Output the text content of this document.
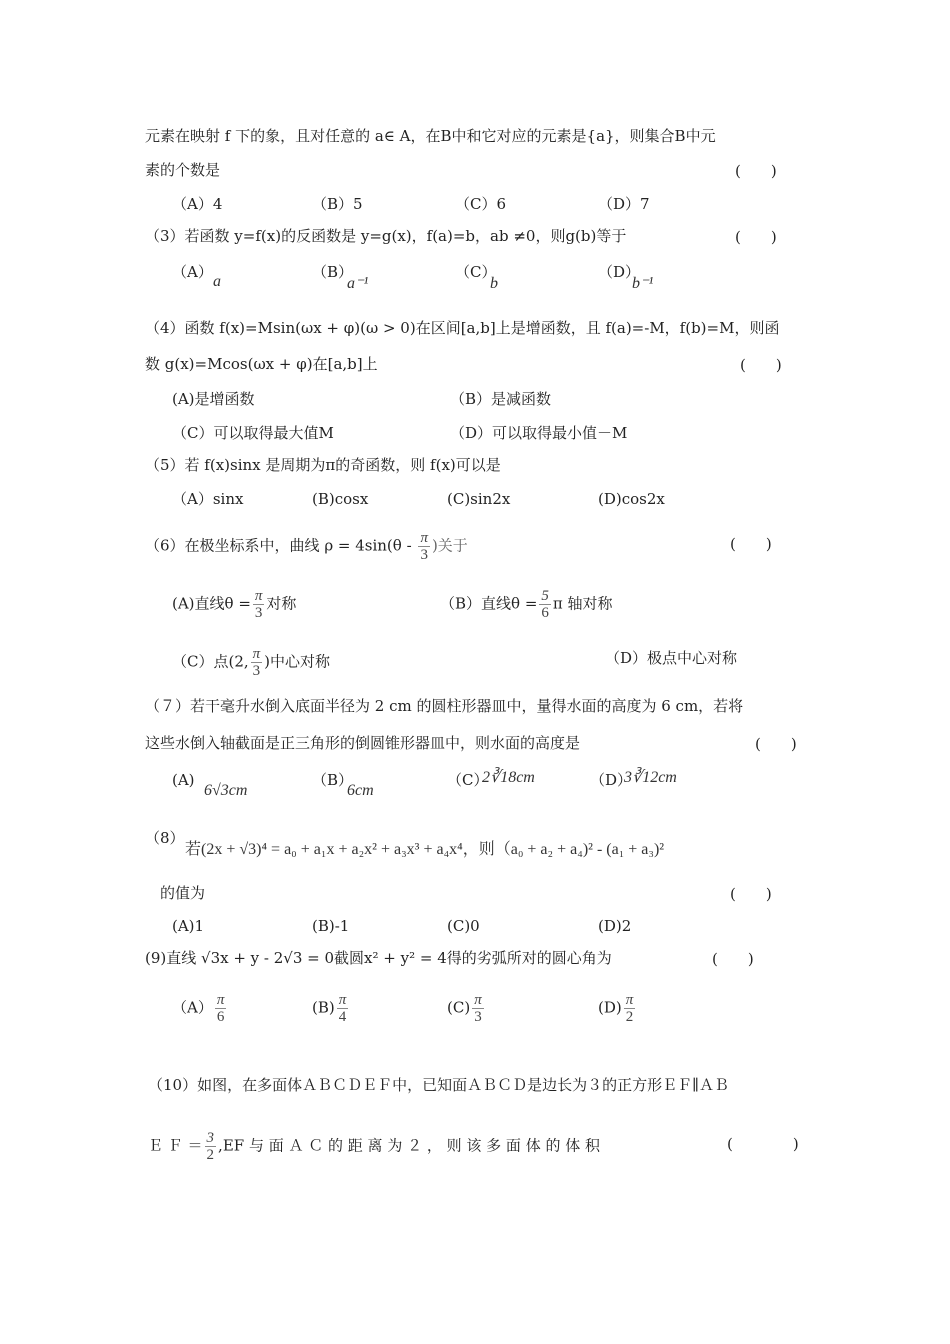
元素在映射 f 下的象，且对任意的 a∈ A，在B中和它对应的元素是{a}，则集合B中元
素的个数是	(　　)
（A）4	（B）5	（C）6	（D）7
（3）若函数 y=f(x)的反函数是 y=g(x)，f(a)=b，ab ≠0，则g(b)等于	(　　)
（A）
a
（B）
a⁻¹
（C）
b
（D）
b⁻¹
（4）函数 f(x)=Msin(ωx + φ)(ω > 0)在区间[a,b]上是增函数，且 f(a)=-M，f(b)=M，则函
数 g(x)=Mcos(ωx + φ)在[a,b]上	(　　)
(A)是增函数	（B）是减函数
（C）可以取得最大值M	（D）可以取得最小值－M
（5）若 f(x)sinx 是周期为π的奇函数，则 f(x)可以是
（A）sinx	(B)cosx	(C)sin2x	(D)cos2x
（6）在极坐标系中，曲线 $\rho = 4\sin(\theta - \frac{\pi}{3}$ )关于	(　　)
(A)直线$\theta = \frac{\pi}{3}$ 对称	（B）直线$\theta = \frac{5}{6}$ π 轴对称
（C）点(2, $\frac{\pi}{3}$ )中心对称	（D）极点中心对称
（７）若干毫升水倒入底面半径为 2 cm 的圆柱形器皿中，量得水面的高度为 6 cm，若将
这些水倒入轴截面是正三角形的倒圆锥形器皿中，则水面的高度是	(　　)
(A)
6√3cm
（B）
6cm
（C）
2∛18cm	（D）
3∛12cm
（8）
若(2x + √3)⁴ = a₀ + a₁x + a₂x² + a₃x³ + a₄x⁴，则（a₀ + a₂ + a₄)² - (a₁ + a₃)²
的值为	(　　)
(A)1	(B)-1	(C)0	(D)2
(9)直线 √3x + y - 2√3 = 0截圆x² + y² = 4得的劣弧所对的圆心角为	(　　)
$(A) \frac{\pi}{6}$	$(B) \frac{\pi}{4}$	$(C) \frac{\pi}{3}$	$(D) \frac{\pi}{2}$
（10）如图，在多面体ＡＢＣＤＥＦ中，已知面ＡＢＣＤ是边长为３的正方形ＥＦ∥ＡＢ
Ｅ Ｆ ＝ $\frac{3}{2} ,EF$ 与 面 Ａ Ｃ 的 距 离 为 ２ ， 则 该 多 面 体 的 体 积	(　　　　)
